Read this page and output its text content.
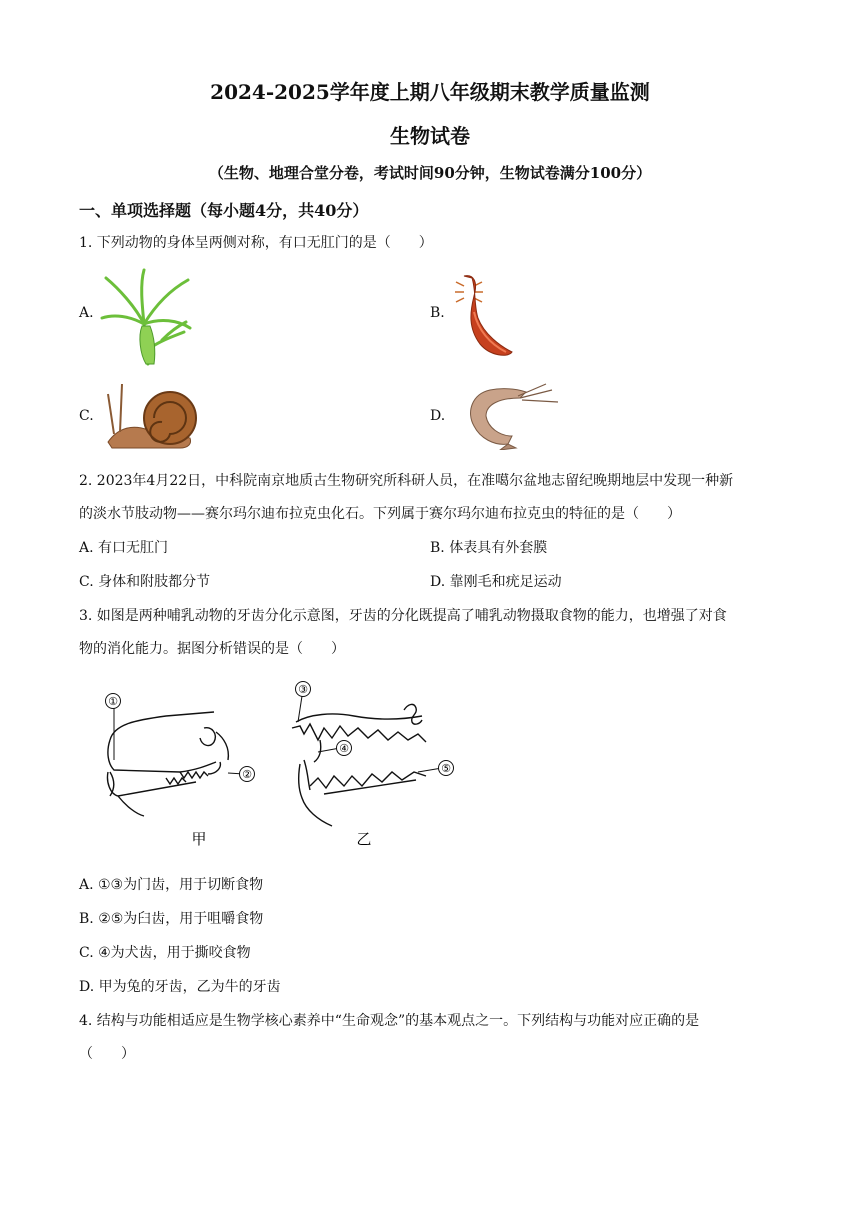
2024-2025学年度上期八年级期末教学质量监测
生物试卷
（生物、地理合堂分卷，考试时间90分钟，生物试卷满分100分）
一、单项选择题（每小题4分，共40分）
1. 下列动物的身体呈两侧对称，有口无肛门的是（　　）
A.	B.
C.	D.
2. 2023年4月22日，中科院南京地质古生物研究所科研人员，在准噶尔盆地志留纪晚期地层中发现一种新
的淡水节肢动物——赛尔玛尔迪布拉克虫化石。下列属于赛尔玛尔迪布拉克虫的特征的是（　　）
A. 有口无肛门	B. 体表具有外套膜
C. 身体和附肢都分节	D. 靠刚毛和疣足运动
3. 如图是两种哺乳动物的牙齿分化示意图，牙齿的分化既提高了哺乳动物摄取食物的能力，也增强了对食
物的消化能力。据图分析错误的是（　　）
①
②
甲
③
④
⑤
乙
A. ①③为门齿，用于切断食物
B. ②⑤为臼齿，用于咀嚼食物
C. ④为犬齿，用于撕咬食物
D. 甲为兔的牙齿，乙为牛的牙齿
4. 结构与功能相适应是生物学核心素养中“生命观念”的基本观点之一。下列结构与功能对应正确的是
（　　）
